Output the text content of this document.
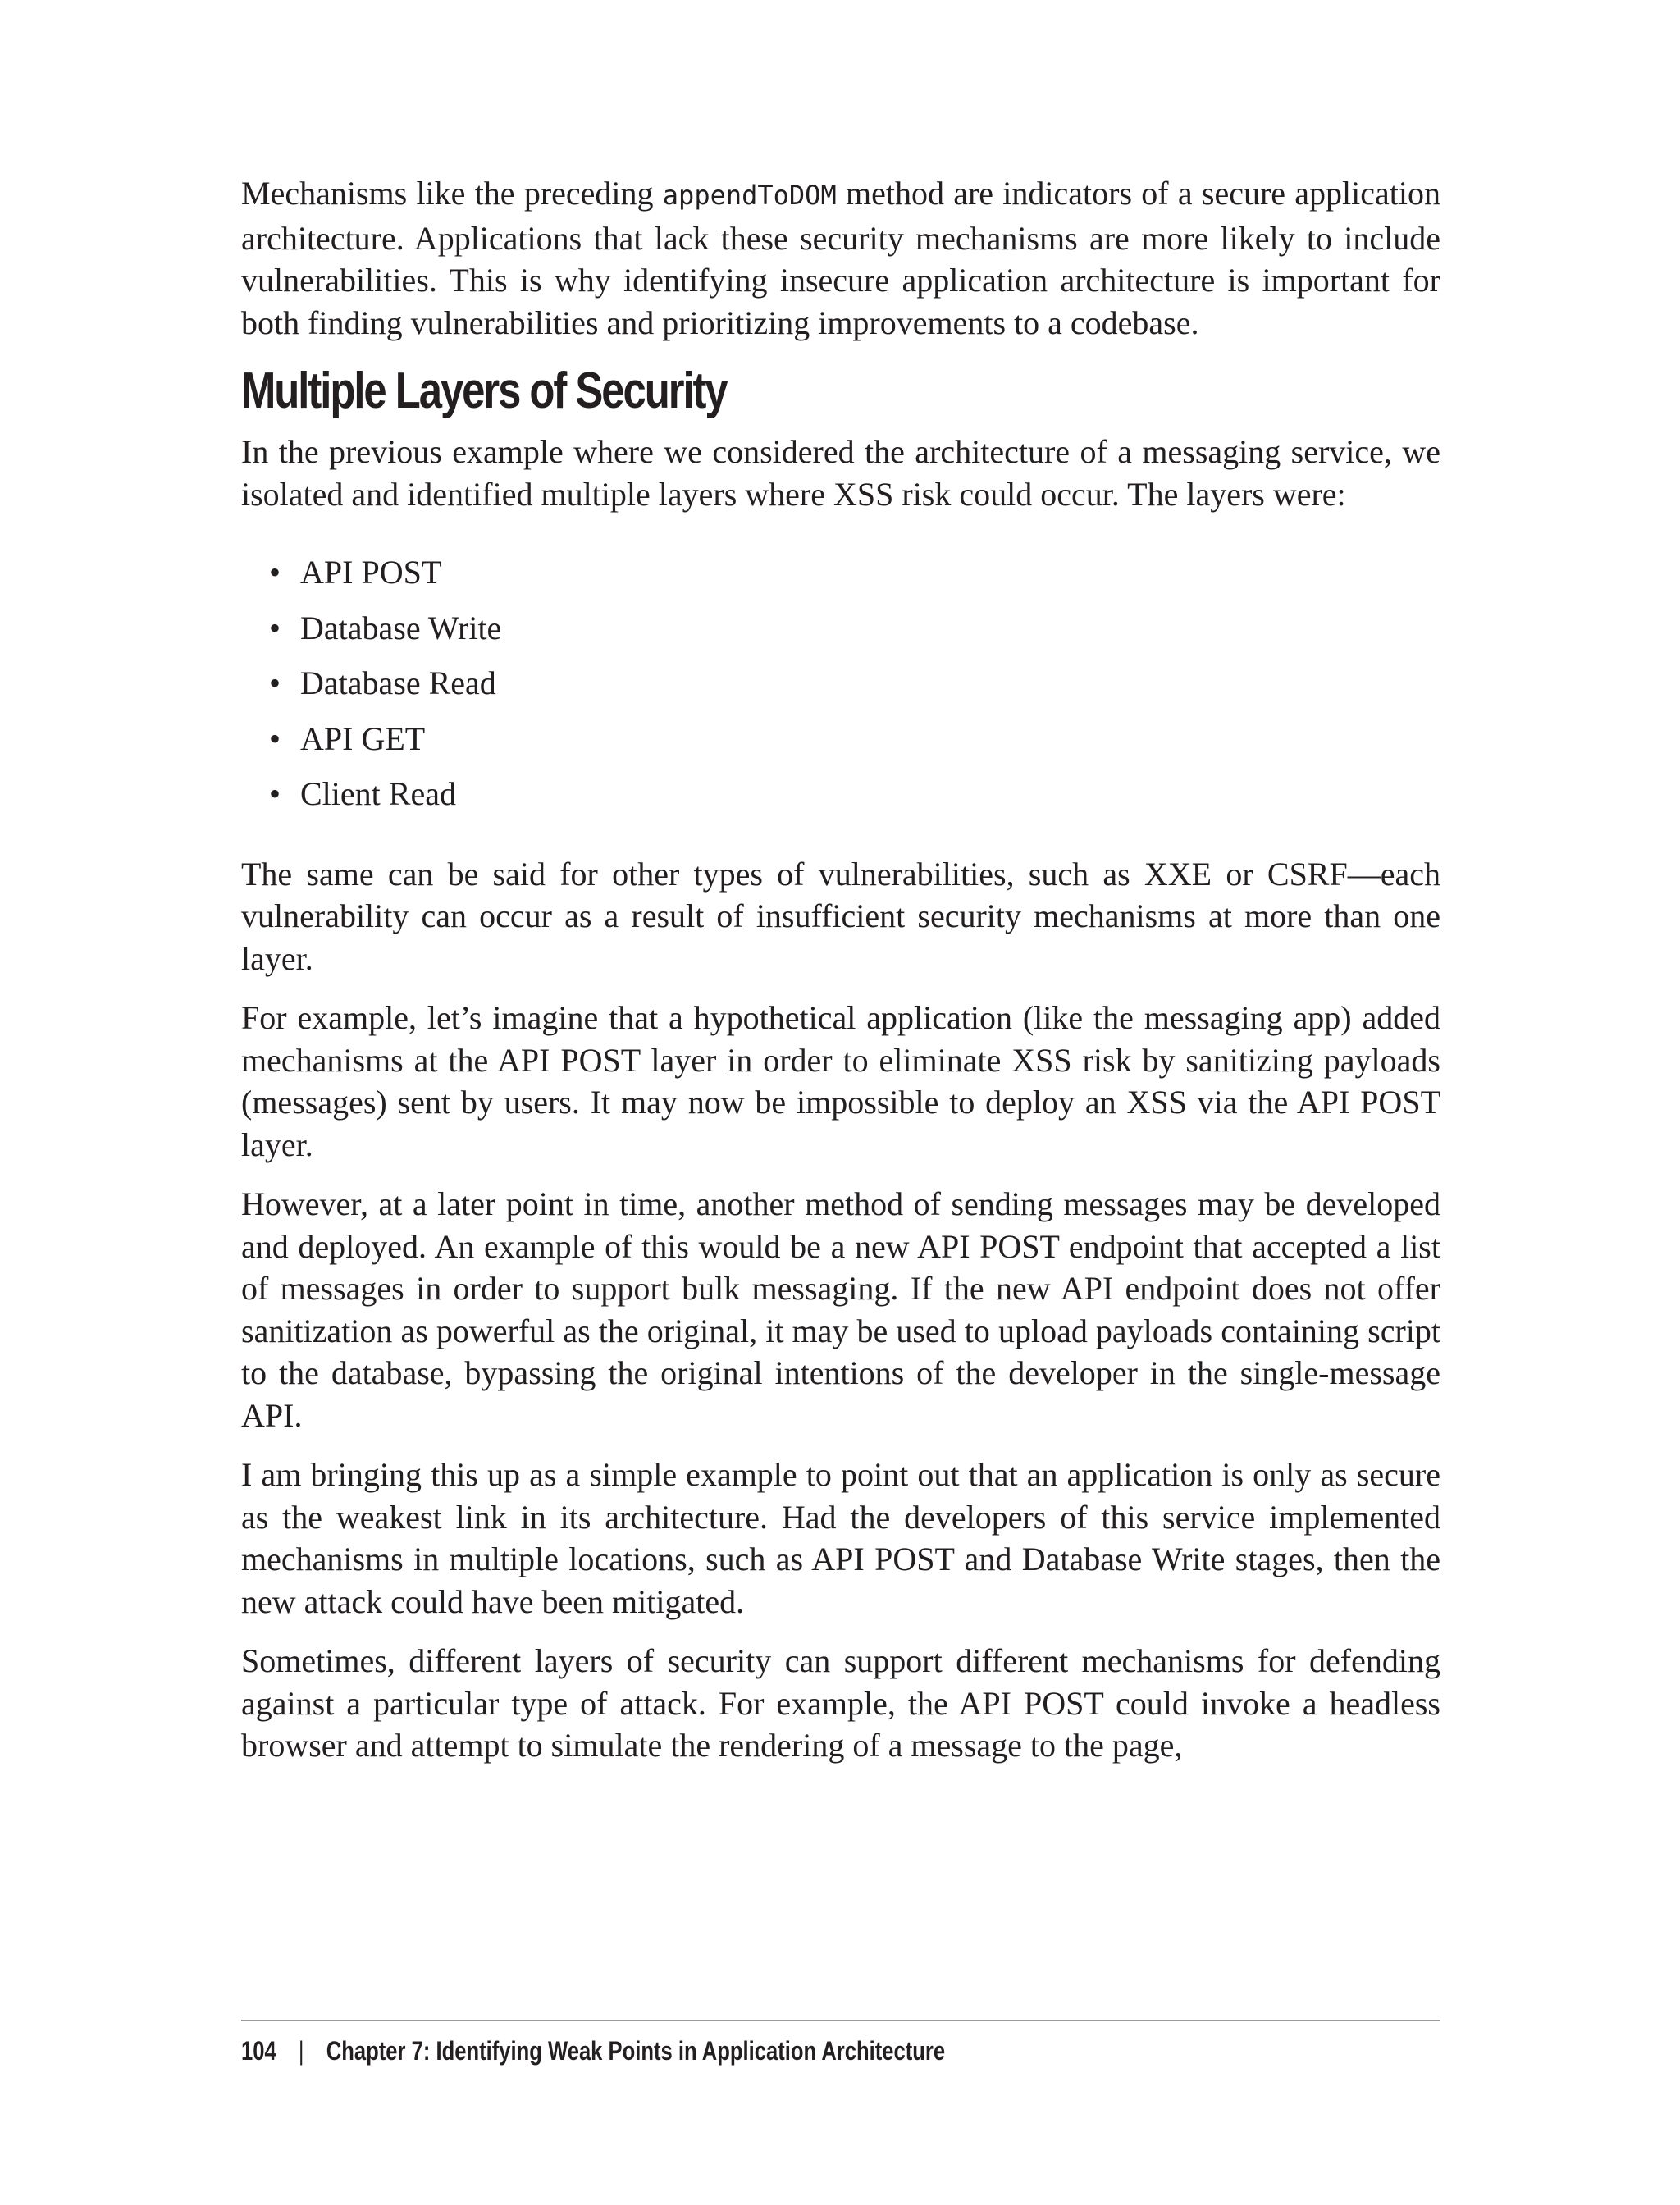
Mechanisms like the preceding appendToDOM method are indicators of a secure application architecture. Applications that lack these security mechanisms are more likely to include vulnerabilities. This is why identifying insecure application architecture is important for both finding vulnerabilities and prioritizing improvements to a codebase.

Multiple Layers of Security

In the previous example where we considered the architecture of a messaging service, we isolated and identified multiple layers where XSS risk could occur. The layers were:

• API POST
• Database Write
• Database Read
• API GET
• Client Read

The same can be said for other types of vulnerabilities, such as XXE or CSRF—each vulnerability can occur as a result of insufficient security mechanisms at more than one layer.

For example, let’s imagine that a hypothetical application (like the messaging app) added mechanisms at the API POST layer in order to eliminate XSS risk by sanitizing payloads (messages) sent by users. It may now be impossible to deploy an XSS via the API POST layer.

However, at a later point in time, another method of sending messages may be developed and deployed. An example of this would be a new API POST endpoint that accepted a list of messages in order to support bulk messaging. If the new API endpoint does not offer sanitization as powerful as the original, it may be used to upload payloads containing script to the database, bypassing the original intentions of the developer in the single-message API.

I am bringing this up as a simple example to point out that an application is only as secure as the weakest link in its architecture. Had the developers of this service implemented mechanisms in multiple locations, such as API POST and Database Write stages, then the new attack could have been mitigated.

Sometimes, different layers of security can support different mechanisms for defending against a particular type of attack. For example, the API POST could invoke a headless browser and attempt to simulate the rendering of a message to the page,

104 | Chapter 7: Identifying Weak Points in Application Architecture
